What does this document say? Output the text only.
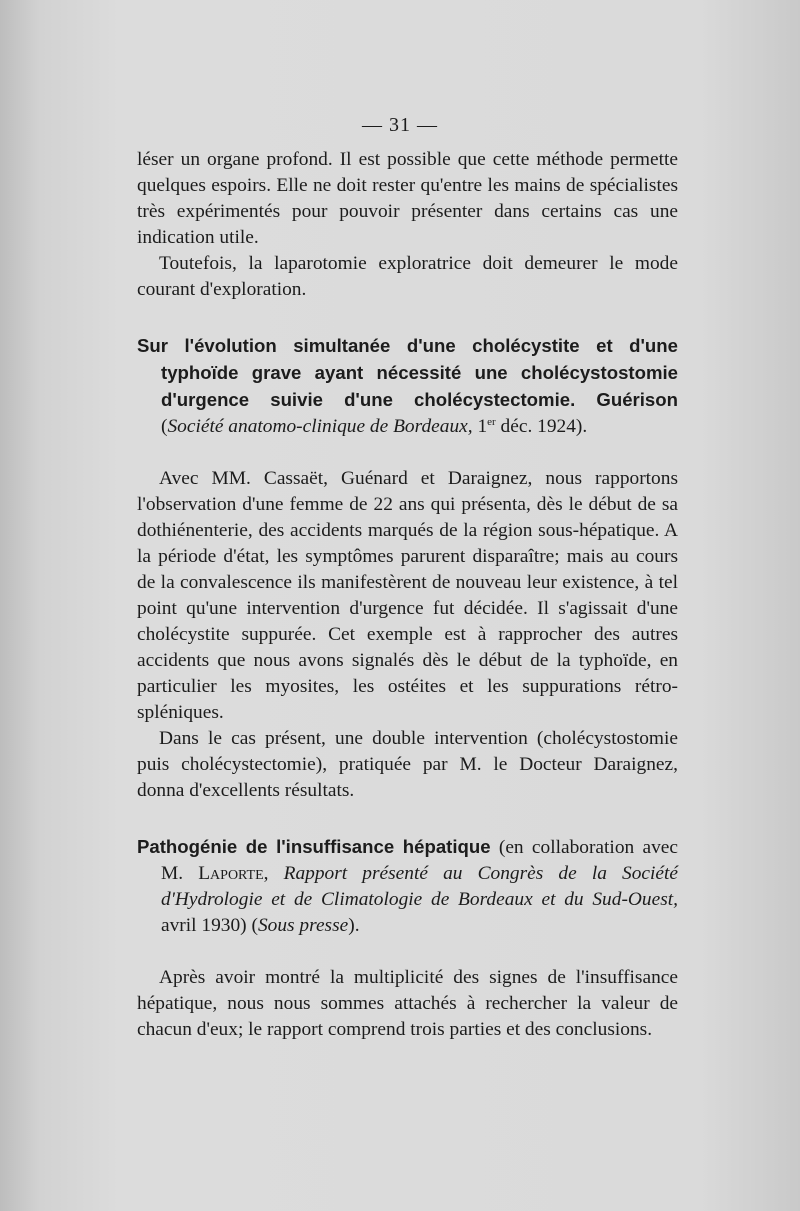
— 31 —

léser un organe profond. Il est possible que cette méthode permette quelques espoirs. Elle ne doit rester qu'entre les mains de spécialistes très expérimentés pour pouvoir présenter dans certains cas une indication utile.

Toutefois, la laparotomie exploratrice doit demeurer le mode courant d'exploration.

Sur l'évolution simultanée d'une cholécystite et d'une typhoïde grave ayant nécessité une cholécystostomie d'urgence suivie d'une cholécystectomie. Guérison (Société anatomo-clinique de Bordeaux, 1er déc. 1924).

Avec MM. Cassaët, Guénard et Daraignez, nous rapportons l'observation d'une femme de 22 ans qui présenta, dès le début de sa dothiénenterie, des accidents marqués de la région sous-hépatique. A la période d'état, les symptômes parurent disparaître; mais au cours de la convalescence ils manifestèrent de nouveau leur existence, à tel point qu'une intervention d'urgence fut décidée. Il s'agissait d'une cholécystite suppurée. Cet exemple est à rapprocher des autres accidents que nous avons signalés dès le début de la typhoïde, en particulier les myosites, les ostéites et les suppurations rétro-spléniques.

Dans le cas présent, une double intervention (cholécystostomie puis cholécystectomie), pratiquée par M. le Docteur Daraignez, donna d'excellents résultats.

Pathogénie de l'insuffisance hépatique (en collaboration avec M. Laporte, Rapport présenté au Congrès de la Société d'Hydrologie et de Climatologie de Bordeaux et du Sud-Ouest, avril 1930) (Sous presse).

Après avoir montré la multiplicité des signes de l'insuffisance hépatique, nous nous sommes attachés à rechercher la valeur de chacun d'eux; le rapport comprend trois parties et des conclusions.
